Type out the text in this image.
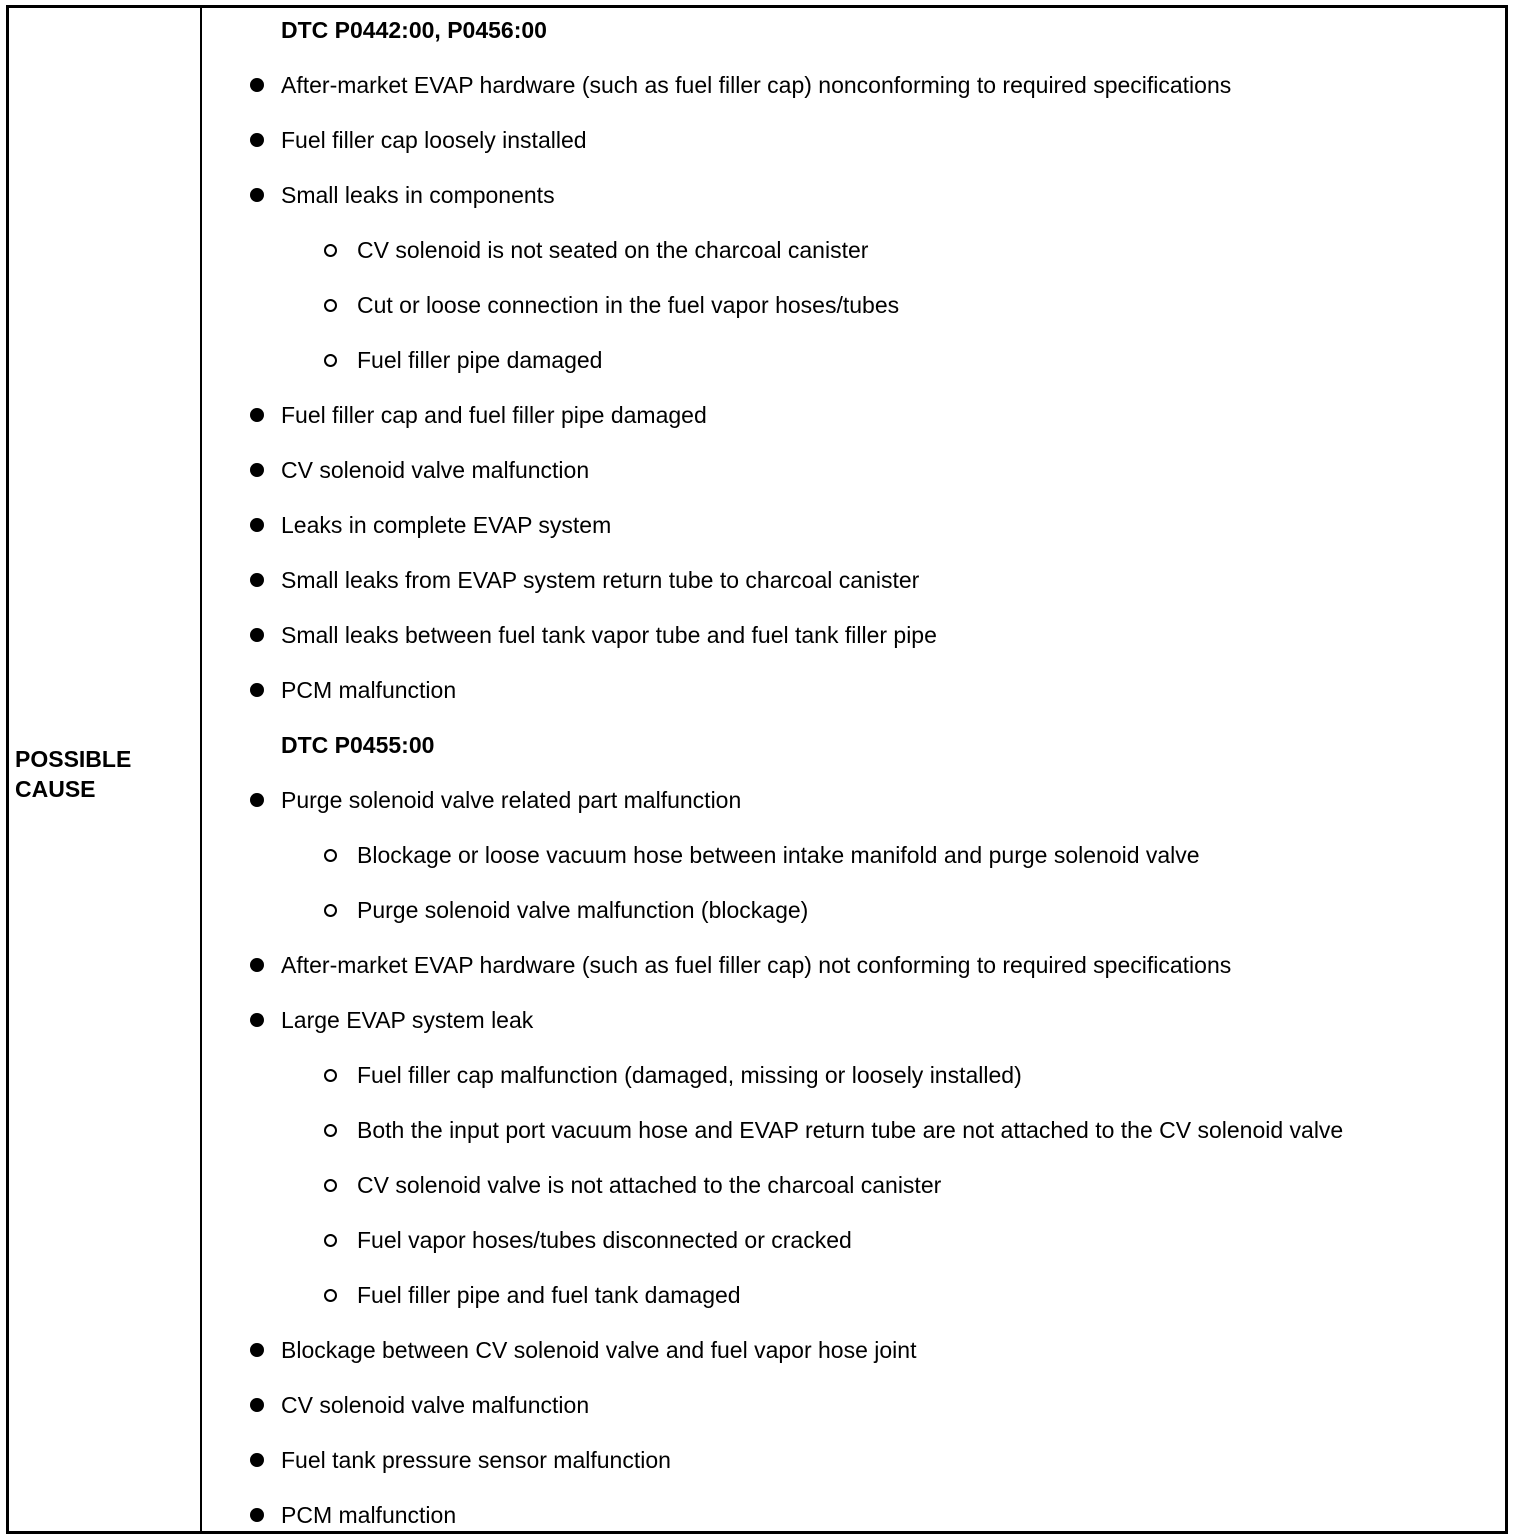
POSSIBLE
CAUSE
DTC P0442:00, P0456:00
After-market EVAP hardware (such as fuel filler cap) nonconforming to required specifications
Fuel filler cap loosely installed
Small leaks in components
CV solenoid is not seated on the charcoal canister
Cut or loose connection in the fuel vapor hoses/tubes
Fuel filler pipe damaged
Fuel filler cap and fuel filler pipe damaged
CV solenoid valve malfunction
Leaks in complete EVAP system
Small leaks from EVAP system return tube to charcoal canister
Small leaks between fuel tank vapor tube and fuel tank filler pipe
PCM malfunction
DTC P0455:00
Purge solenoid valve related part malfunction
Blockage or loose vacuum hose between intake manifold and purge solenoid valve
Purge solenoid valve malfunction (blockage)
After-market EVAP hardware (such as fuel filler cap) not conforming to required specifications
Large EVAP system leak
Fuel filler cap malfunction (damaged, missing or loosely installed)
Both the input port vacuum hose and EVAP return tube are not attached to the CV solenoid valve
CV solenoid valve is not attached to the charcoal canister
Fuel vapor hoses/tubes disconnected or cracked
Fuel filler pipe and fuel tank damaged
Blockage between CV solenoid valve and fuel vapor hose joint
CV solenoid valve malfunction
Fuel tank pressure sensor malfunction
PCM malfunction
